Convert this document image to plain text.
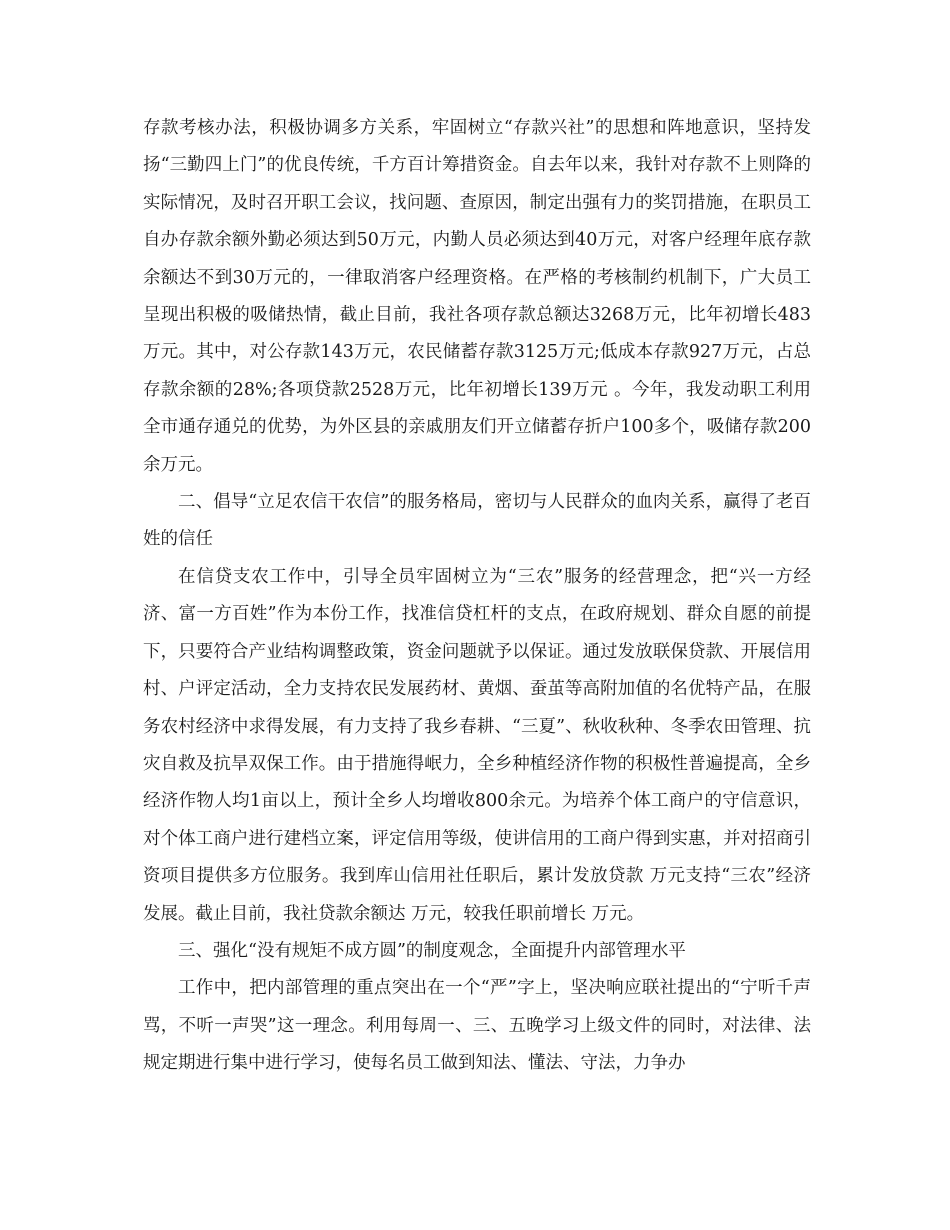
存款考核办法，积极协调多方关系，牢固树立“存款兴社”的思想和阵地意识，坚持发扬“三勤四上门”的优良传统，千方百计筹措资金。自去年以来，我针对存款不上则降的实际情况，及时召开职工会议，找问题、查原因，制定出强有力的奖罚措施，在职员工自办存款余额外勤必须达到50万元，内勤人员必须达到40万元，对客户经理年底存款余额达不到30万元的，一律取消客户经理资格。在严格的考核制约机制下，广大员工呈现出积极的吸储热情，截止目前，我社各项存款总额达3268万元，比年初增长483万元。其中，对公存款143万元，农民储蓄存款3125万元;低成本存款927万元，占总存款余额的28%;各项贷款2528万元，比年初增长139万元 。今年，我发动职工利用全市通存通兑的优势，为外区县的亲戚朋友们开立储蓄存折户100多个，吸储存款200余万元。

二、倡导“立足农信干农信”的服务格局，密切与人民群众的血肉关系，赢得了老百姓的信任

在信贷支农工作中，引导全员牢固树立为“三农”服务的经营理念，把“兴一方经济、富一方百姓”作为本份工作，找准信贷杠杆的支点，在政府规划、群众自愿的前提下，只要符合产业结构调整政策，资金问题就予以保证。通过发放联保贷款、开展信用村、户评定活动，全力支持农民发展药材、黄烟、蚕茧等高附加值的名优特产品，在服务农村经济中求得发展，有力支持了我乡春耕、“三夏”、秋收秋种、冬季农田管理、抗灾自救及抗旱双保工作。由于措施得岷力，全乡种植经济作物的积极性普遍提高，全乡经济作物人均1亩以上，预计全乡人均增收800余元。为培养个体工商户的守信意识，对个体工商户进行建档立案，评定信用等级，使讲信用的工商户得到实惠，并对招商引资项目提供多方位服务。我到库山信用社任职后，累计发放贷款 万元支持“三农”经济发展。截止目前，我社贷款余额达 万元，较我任职前增长 万元。

三、强化“没有规矩不成方圆”的制度观念，全面提升内部管理水平

工作中，把内部管理的重点突出在一个“严”字上，坚决响应联社提出的“宁听千声骂，不听一声哭”这一理念。利用每周一、三、五晚学习上级文件的同时，对法律、法规定期进行集中进行学习，使每名员工做到知法、懂法、守法，力争办
